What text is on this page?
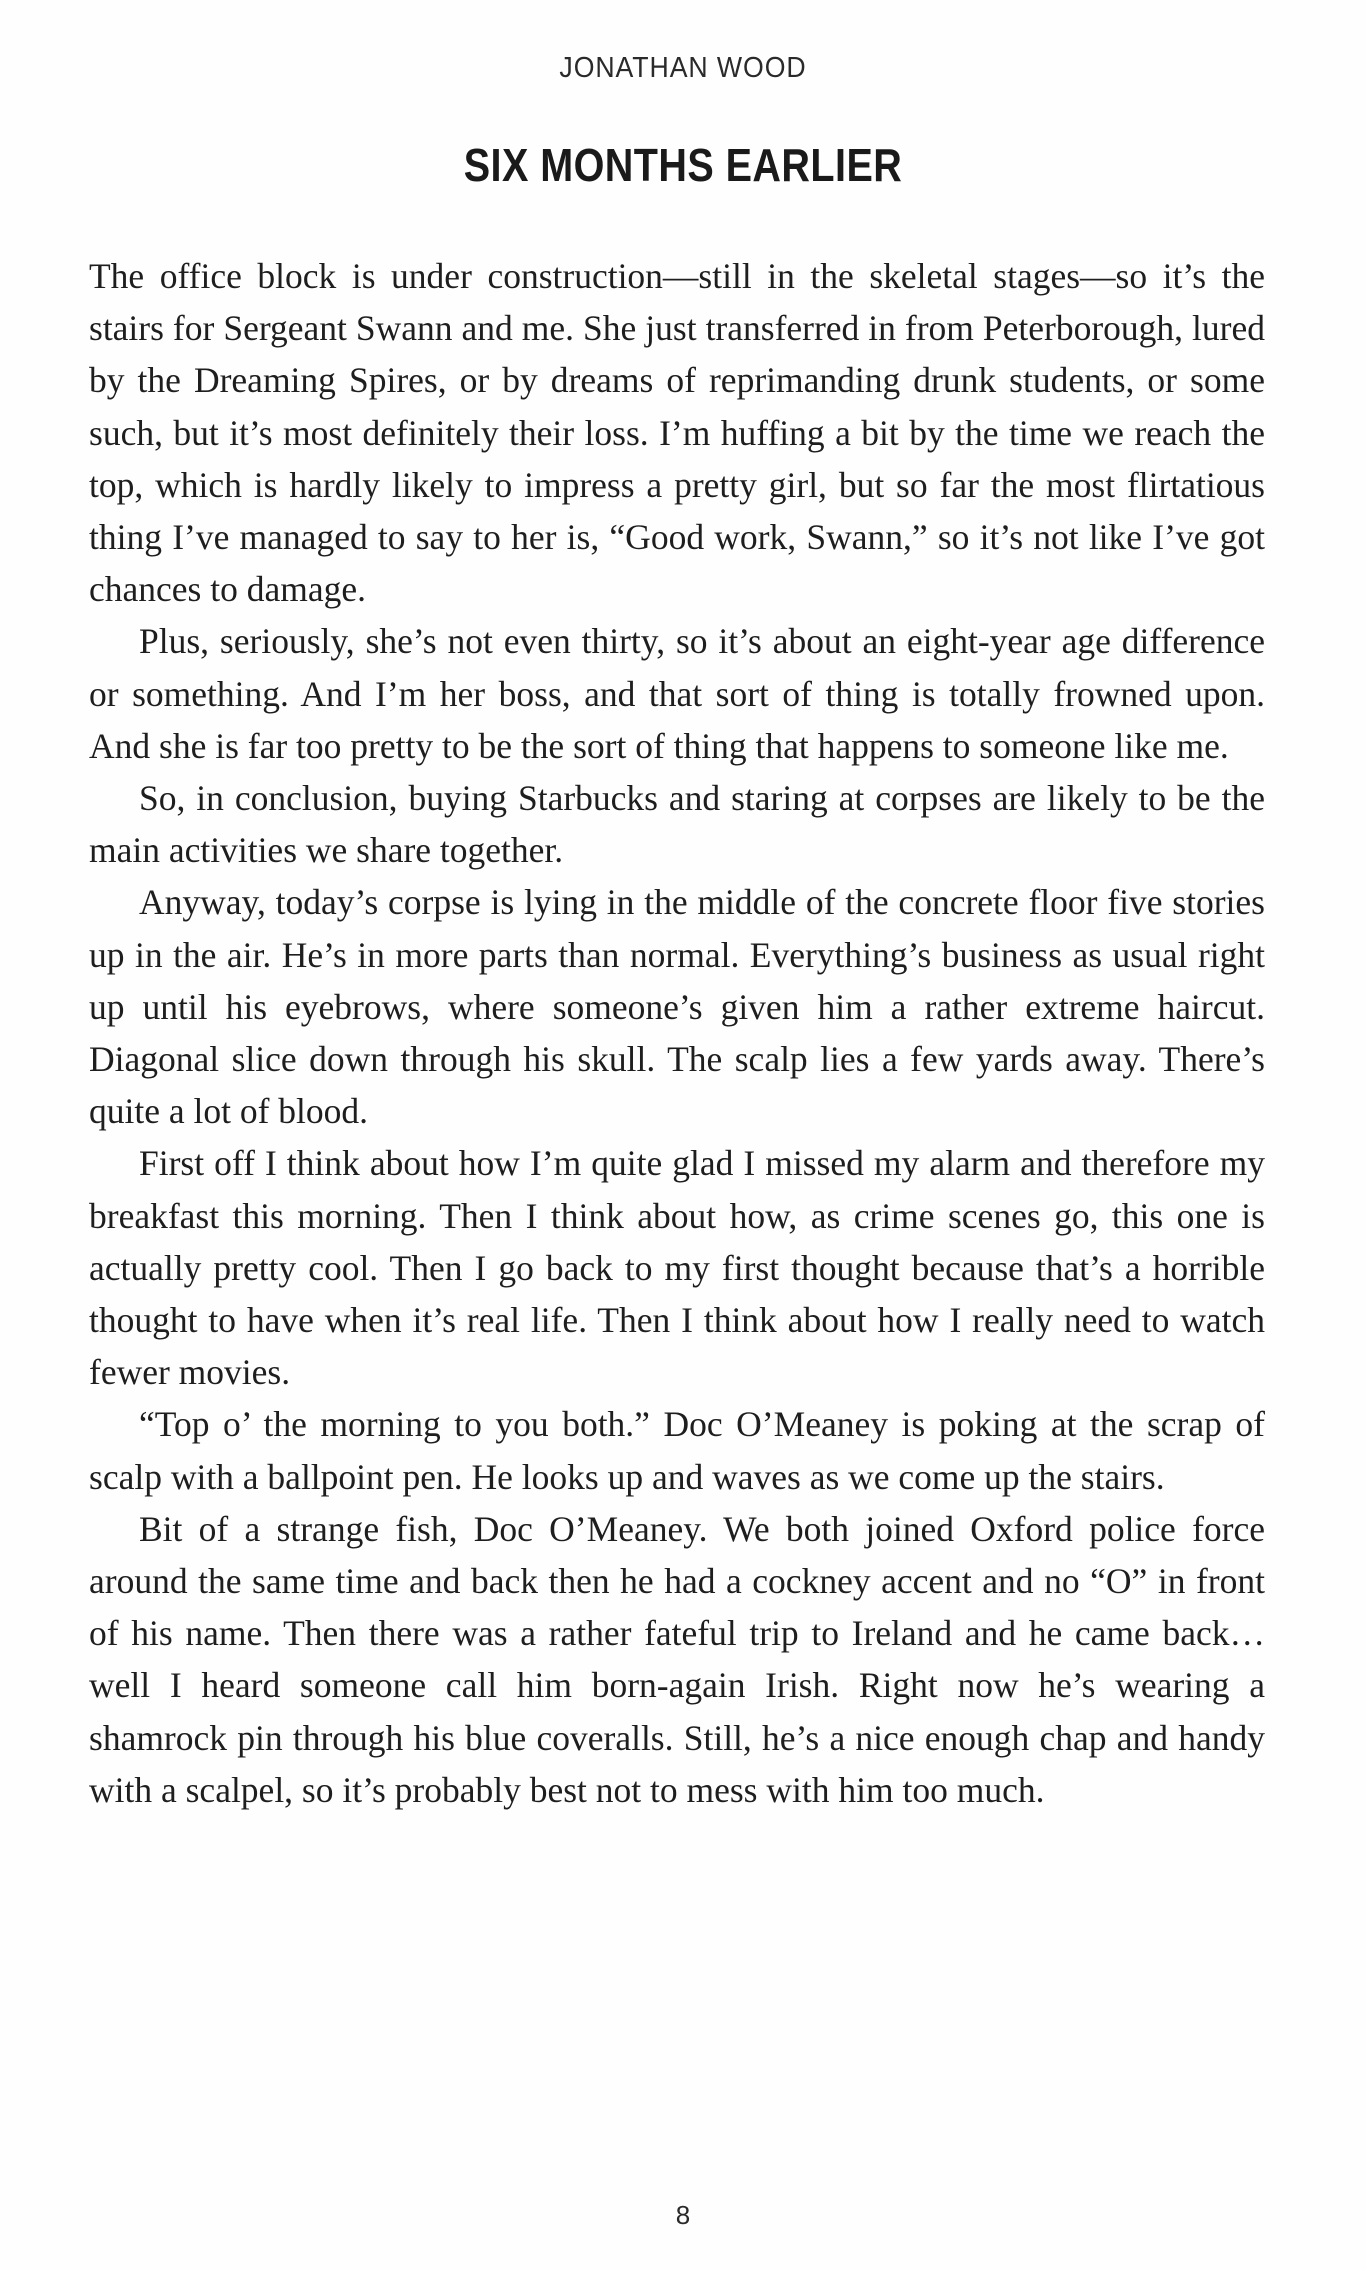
JONATHAN WOOD
SIX MONTHS EARLIER

The office block is under construction—still in the skeletal stages—so it’s the stairs for Sergeant Swann and me. She just transferred in from Peterborough, lured by the Dreaming Spires, or by dreams of reprimanding drunk students, or some such, but it’s most definitely their loss. I’m huffing a bit by the time we reach the top, which is hardly likely to impress a pretty girl, but so far the most flirtatious thing I’ve managed to say to her is, “Good work, Swann,” so it’s not like I’ve got chances to damage.

Plus, seriously, she’s not even thirty, so it’s about an eight-year age difference or something. And I’m her boss, and that sort of thing is totally frowned upon. And she is far too pretty to be the sort of thing that happens to someone like me.

So, in conclusion, buying Starbucks and staring at corpses are likely to be the main activities we share together.

Anyway, today’s corpse is lying in the middle of the concrete floor five stories up in the air. He’s in more parts than normal. Everything’s business as usual right up until his eyebrows, where someone’s given him a rather extreme haircut. Diagonal slice down through his skull. The scalp lies a few yards away. There’s quite a lot of blood.

First off I think about how I’m quite glad I missed my alarm and therefore my breakfast this morning. Then I think about how, as crime scenes go, this one is actually pretty cool. Then I go back to my first thought because that’s a horrible thought to have when it’s real life. Then I think about how I really need to watch fewer movies.

“Top o’ the morning to you both.” Doc O’Meaney is poking at the scrap of scalp with a ballpoint pen. He looks up and waves as we come up the stairs.

Bit of a strange fish, Doc O’Meaney. We both joined Oxford police force around the same time and back then he had a cockney accent and no “O” in front of his name. Then there was a rather fateful trip to Ireland and he came back… well I heard someone call him born-again Irish. Right now he’s wearing a shamrock pin through his blue coveralls. Still, he’s a nice enough chap and handy with a scalpel, so it’s probably best not to mess with him too much.

8
